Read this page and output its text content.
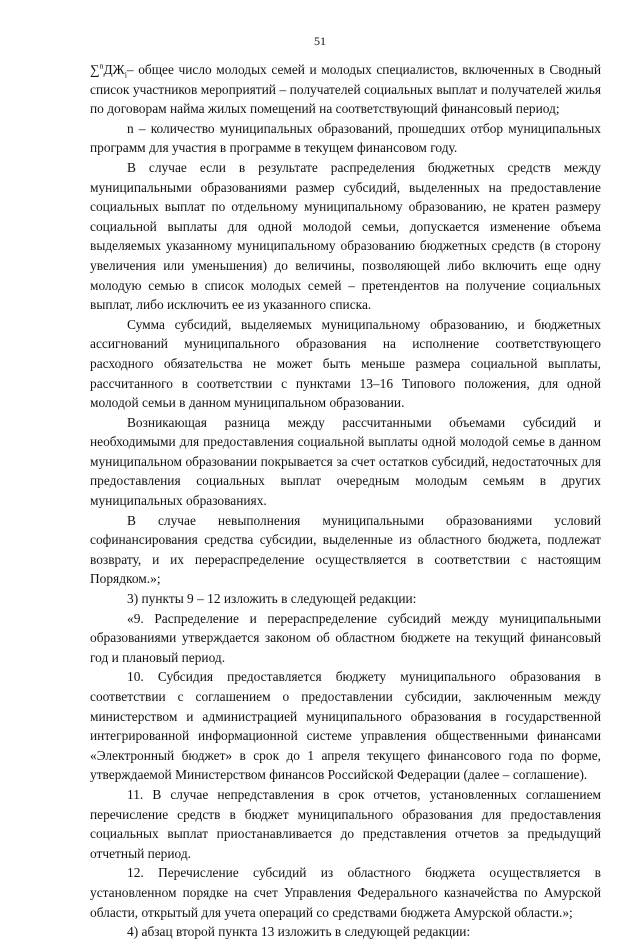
51

$\sum^nДЖ_i-$ общее число молодых семей и молодых специалистов, включенных в Сводный список участников мероприятий – получателей социальных выплат и получателей жилья по договорам найма жилых помещений на соответствующий финансовый период;

n – количество муниципальных образований, прошедших отбор муниципальных программ для участия в программе в текущем финансовом году.

В случае если в результате распределения бюджетных средств между муниципальными образованиями размер субсидий, выделенных на предоставление социальных выплат по отдельному муниципальному образованию, не кратен размеру социальной выплаты для одной молодой семьи, допускается изменение объема выделяемых указанному муниципальному образованию бюджетных средств (в сторону увеличения или уменьшения) до величины, позволяющей либо включить еще одну молодую семью в список молодых семей – претендентов на получение социальных выплат, либо исключить ее из указанного списка.

Сумма субсидий, выделяемых муниципальному образованию, и бюджетных ассигнований муниципального образования на исполнение соответствующего расходного обязательства не может быть меньше размера социальной выплаты, рассчитанного в соответствии с пунктами 13–16 Типового положения, для одной молодой семьи в данном муниципальном образовании.

Возникающая разница между рассчитанными объемами субсидий и необходимыми для предоставления социальной выплаты одной молодой семье в данном муниципальном образовании покрывается за счет остатков субсидий, недостаточных для предоставления социальных выплат очередным молодым семьям в других муниципальных образованиях.

В случае невыполнения муниципальными образованиями условий софинансирования средства субсидии, выделенные из областного бюджета, подлежат возврату, и их перераспределение осуществляется в соответствии с настоящим Порядком.»;

3) пункты 9 – 12 изложить в следующей редакции:

«9. Распределение и перераспределение субсидий между муниципальными образованиями утверждается законом об областном бюджете на текущий финансовый год и плановый период.

10. Субсидия предоставляется бюджету муниципального образования в соответствии с соглашением о предоставлении субсидии, заключенным между министерством и администрацией муниципального образования в государственной интегрированной информационной системе управления общественными финансами «Электронный бюджет» в срок до 1 апреля текущего финансового года по форме, утверждаемой Министерством финансов Российской Федерации (далее – соглашение).

11. В случае непредставления в срок отчетов, установленных соглашением перечисление средств в бюджет муниципального образования для предоставления социальных выплат приостанавливается до представления отчетов за предыдущий отчетный период.

12. Перечисление субсидий из областного бюджета осуществляется в установленном порядке на счет Управления Федерального казначейства по Амурской области, открытый для учета операций со средствами бюджета Амурской области.»;

4) абзац второй пункта 13 изложить в следующей редакции:
